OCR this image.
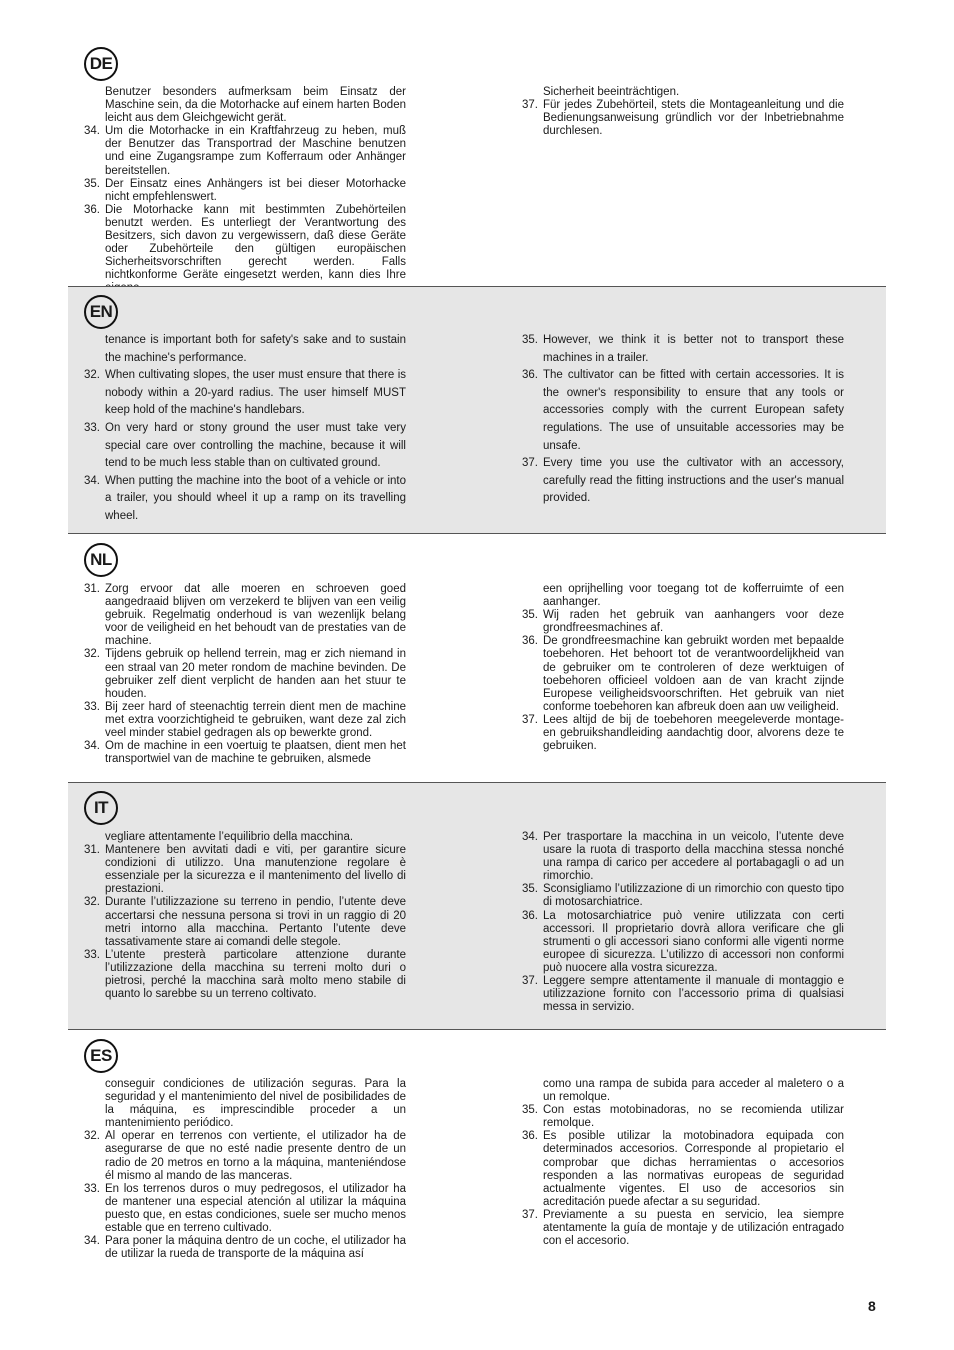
DE
Benutzer besonders aufmerksam beim Einsatz der Maschine sein, da die Motorhacke auf einem harten Boden leicht aus dem Gleichgewicht gerät.
34. Um die Motorhacke in ein Kraftfahrzeug zu heben, muß der Benutzer das Transportrad der Maschine benutzen und eine Zugangsrampe zum Kofferraum oder Anhänger bereitstellen.
35. Der Einsatz eines Anhängers ist bei dieser Motorhacke nicht empfehlenswert.
36. Die Motorhacke kann mit bestimmten Zubehörteilen benutzt werden. Es unterliegt der Verantwortung des Besitzers, sich davon zu vergewissern, daß diese Geräte oder Zubehörteile den gültigen europäischen Sicherheitsvorschriften gerecht werden. Falls nichtkonforme Geräte eingesetzt werden, kann dies Ihre
Sicherheit beeinträchtigen.
37. Für jedes Zubehörteil, stets die Montageanleitung und die Bedienungsanweisung gründlich vor der Inbetriebnahme durchlesen.
EN
tenance is important both for safety's sake and to sustain the machine's performance.
32. When cultivating slopes, the user must ensure that there is nobody within a 20-yard radius. The user himself MUST keep hold of the machine's handlebars.
33. On very hard or stony ground the user must take very special care over controlling the machine, because it will tend to be much less stable than on cultivated ground.
34. When putting the machine into the boot of a vehicle or into a trailer, you should wheel it up a ramp on its travelling wheel.
35. However, we think it is better not to transport these machines in a trailer.
36. The cultivator can be fitted with certain accessories. It is the owner's responsibility to ensure that any tools or accessories comply with the current European safety regulations. The use of unsuitable accessories may be unsafe.
37. Every time you use the cultivator with an accessory, carefully read the fitting instructions and the user's manual provided.
NL
31. Zorg ervoor dat alle moeren en schroeven goed aangedraaid blijven om verzekerd te blijven van een veilig gebruik. Regelmatig onderhoud is van wezenlijk belang voor de veiligheid en het behoudt van de prestaties van de machine.
32. Tijdens gebruik op hellend terrein, mag er zich niemand in een straal van 20 meter rondom de machine bevinden. De gebruiker zelf dient verplicht de handen aan het stuur te houden.
33. Bij zeer hard of steenachtig terrein dient men de machine met extra voorzichtigheid te gebruiken, want deze zal zich veel minder stabiel gedragen als op bewerkte grond.
34. Om de machine in een voertuig te plaatsen, dient men het transportwiel van de machine te gebruiken, alsmede
een oprijhelling voor toegang tot de kofferruimte of een aanhanger.
35. Wij raden het gebruik van aanhangers voor deze grondfreesmachines af.
36. De grondfreesmachine kan gebruikt worden met bepaalde toebehoren. Het behoort tot de verantwoordelijkheid van de gebruiker om te controleren of deze werktuigen of toebehoren officieel voldoen aan de van kracht zijnde Europese veiligheidsvoorschriften. Het gebruik van niet conforme toebehoren kan afbreuk doen aan uw veiligheid.
37. Lees altijd de bij de toebehoren meegeleverde montage- en gebruikshandleiding aandachtig door, alvorens deze te gebruiken.
IT
vegliare attentamente l’equilibrio della macchina.
31. Mantenere ben avvitati dadi e viti, per garantire sicure condizioni di utilizzo. Una manutenzione regolare è essenziale per la sicurezza e il mantenimento del livello di prestazioni.
32. Durante l’utilizzazione su terreno in pendio, l’utente deve accertarsi che nessuna persona si trovi in un raggio di 20 metri intorno alla macchina. Pertanto l’utente deve tassativamente stare ai comandi delle stegole.
33. L’utente presterà particolare attenzione durante l’utilizzazione della macchina su terreni molto duri o pietrosi, perché la macchina sarà molto meno stabile di quanto lo sarebbe su un terreno coltivato.
34. Per trasportare la macchina in un veicolo, l’utente deve usare la ruota di trasporto della macchina stessa nonché una rampa di carico per accedere al portabagagli o ad un rimorchio.
35. Sconsigliamo l’utilizzazione di un rimorchio con questo tipo di motosarchiatrice.
36. La motosarchiatrice può venire utilizzata con certi accessori. Il proprietario dovrà allora verificare che gli strumenti o gli accessori siano conformi alle vigenti norme europee di sicurezza. L’utilizzo di accessori non conformi può nuocere alla vostra sicurezza.
37. Leggere sempre attentamente il manuale di montaggio e utilizzazione fornito con l’accessorio prima di qualsiasi messa in servizio.
ES
conseguir condiciones de utilización seguras. Para la seguridad y el mantenimiento del nivel de posibilidades de la máquina, es imprescindible proceder a un mantenimiento periódico.
32. Al operar en terrenos con vertiente, el utilizador ha de asegurarse de que no esté nadie presente dentro de un radio de 20 metros en torno a la máquina, manteniéndose él mismo al mando de las manceras.
33. En los terrenos duros o muy pedregosos, el utilizador ha de mantener una especial atención al utilizar la máquina puesto que, en estas condiciones, suele ser mucho menos estable que en terreno cultivado.
34. Para poner la máquina dentro de un coche, el utilizador ha de utilizar la rueda de transporte de la máquina así
como una rampa de subida para acceder al maletero o a un remolque.
35. Con estas motobinadoras, no se recomienda utilizar remolque.
36. Es posible utilizar la motobinadora equipada con determinados accesorios. Corresponde al propietario el comprobar que dichas herramientas o accesorios responden a las normativas europeas de seguridad actualmente vigentes. El uso de accesorios sin acreditación puede afectar a su seguridad.
37. Previamente a su puesta en servicio, lea siempre atentamente la guía de montaje y de utilización entragado con el accesorio.
8
